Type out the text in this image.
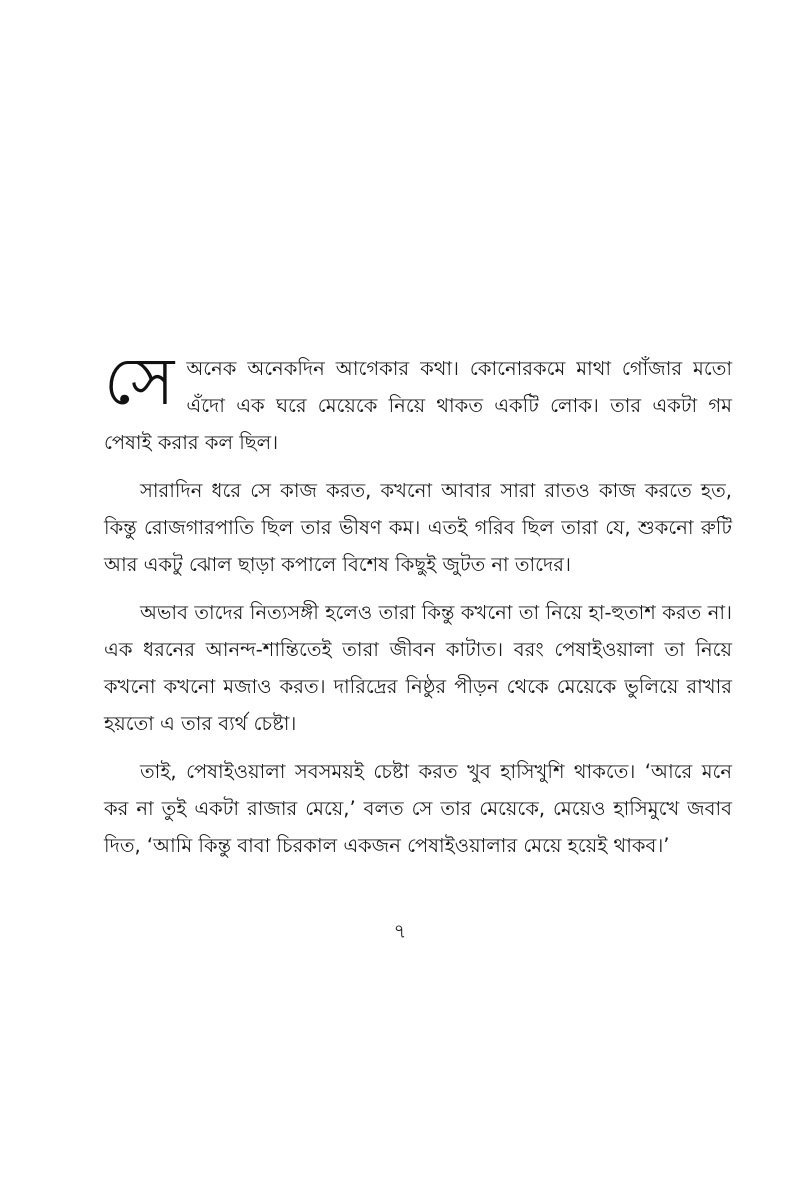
সেঅনেক অনেকদিন আগেকার কথা। কোনোরকমে মাথা গোঁজার মতো এঁদো এক ঘরে মেয়েকে নিয়ে থাকত একটি লোক। তার একটা গম পেষাই করার কল ছিল।

সারাদিন ধরে সে কাজ করত, কখনো আবার সারা রাতও কাজ করতে হত, কিন্তু রোজগারপাতি ছিল তার ভীষণ কম। এতই গরিব ছিল তারা যে, শুকনো রুটি আর একটু ঝোল ছাড়া কপালে বিশেষ কিছুই জুটত না তাদের।

অভাব তাদের নিত্যসঙ্গী হলেও তারা কিন্তু কখনো তা নিয়ে হা-হুতাশ করত না। এক ধরনের আনন্দ-শান্তিতেই তারা জীবন কাটাত। বরং পেষাইওয়ালা তা নিয়ে কখনো কখনো মজাও করত। দারিদ্রের নিষ্ঠুর পীড়ন থেকে মেয়েকে ভুলিয়ে রাখার হয়তো এ তার ব্যর্থ চেষ্টা।

তাই, পেষাইওয়ালা সবসময়ই চেষ্টা করত খুব হাসিখুশি থাকতে। ‘আরে মনে কর না তুই একটা রাজার মেয়ে,’ বলত সে তার মেয়েকে, মেয়েও হাসিমুখে জবাব দিত, ‘আমি কিন্তু বাবা চিরকাল একজন পেষাইওয়ালার মেয়ে হয়েই থাকব।’

৭
